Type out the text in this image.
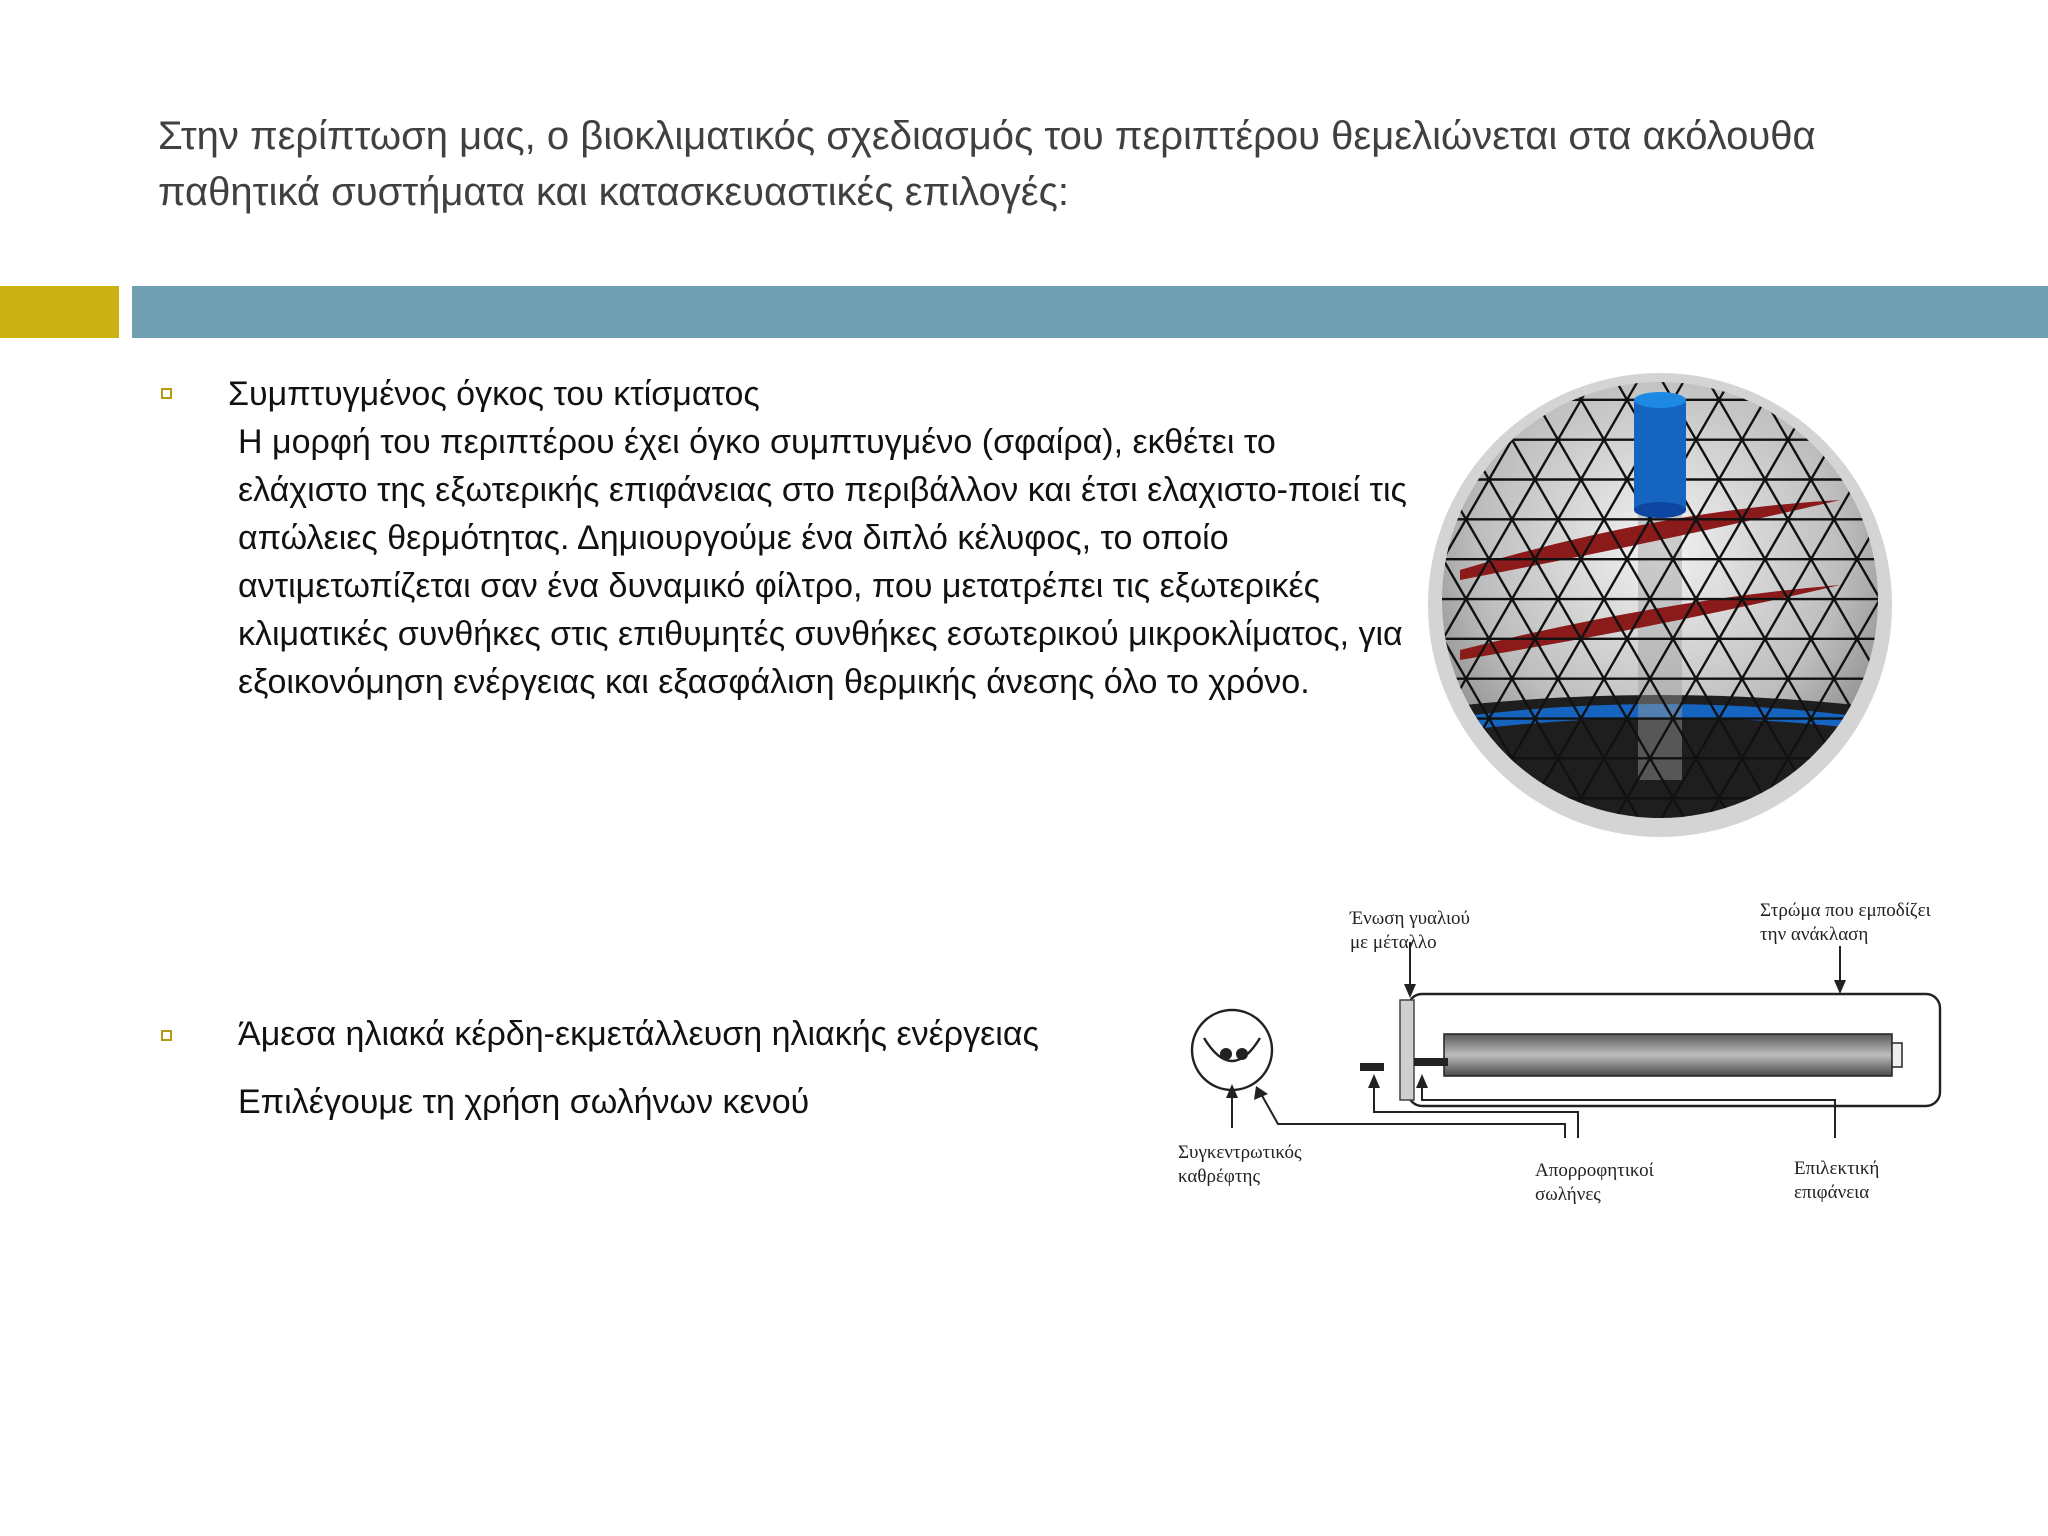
Στην περίπτωση μας, ο βιοκλιματικός σχεδιασμός του περιπτέρου θεμελιώνεται στα ακόλουθα παθητικά συστήματα και κατασκευαστικές επιλογές:
Συμπτυγμένος όγκος του κτίσματος
Η μορφή του περιπτέρου έχει όγκο συμπτυγμένο (σφαίρα), εκθέτει το ελάχιστο της εξωτερικής επιφάνειας στο περιβάλλον και έτσι ελαχιστο-ποιεί τις απώλειες θερμότητας. Δημιουργούμε ένα διπλό κέλυφος, το οποίο αντιμετωπίζεται σαν ένα δυναμικό φίλτρο, που μετατρέπει τις εξωτερικές κλιματικές συνθήκες στις επιθυμητές συνθήκες εσωτερικού μικροκλίματος, για εξοικονόμηση ενέργειας και εξασφάλιση θερμικής άνεσης όλο το χρόνο.
Άμεσα ηλιακά κέρδη-εκμετάλλευση ηλιακής ενέργειας
Επιλέγουμε τη χρήση σωλήνων κενού
Ένωση γυαλιού
με μέταλλο
Στρώμα που εμποδίζει
την ανάκλαση
Συγκεντρωτικός
καθρέφτης	Απορροφητικοί
σωλήνες
Επιλεκτική
επιφάνεια
